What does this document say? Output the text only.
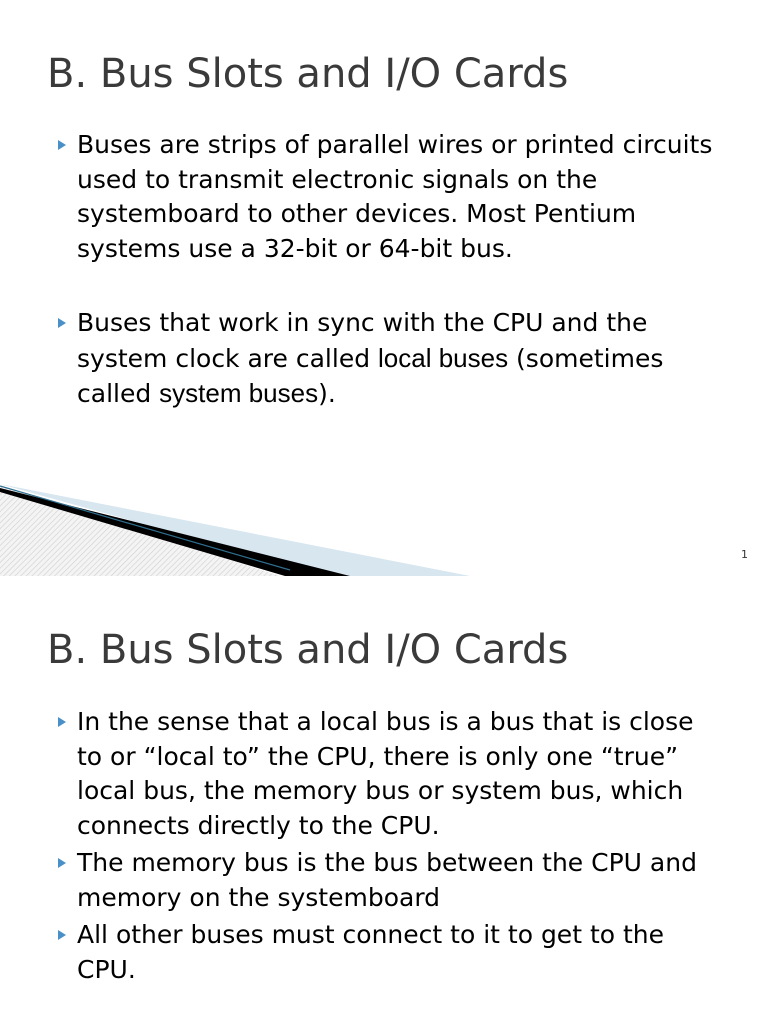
B. Bus Slots and I/O Cards
Buses are strips of parallel wires or printed circuits used to transmit electronic signals on the systemboard to other devices. Most Pentium systems use a 32-bit or 64-bit bus.
Buses that work in sync with the CPU and the system clock are called local buses (sometimes called system buses).
1
B. Bus Slots and I/O Cards
In the sense that a local bus is a bus that is close to or “local to” the CPU, there is only one “true” local bus, the memory bus or system bus, which connects directly to the CPU.
The memory bus is the bus between the CPU and memory on the systemboard
All other buses must connect to it to get to the CPU.
